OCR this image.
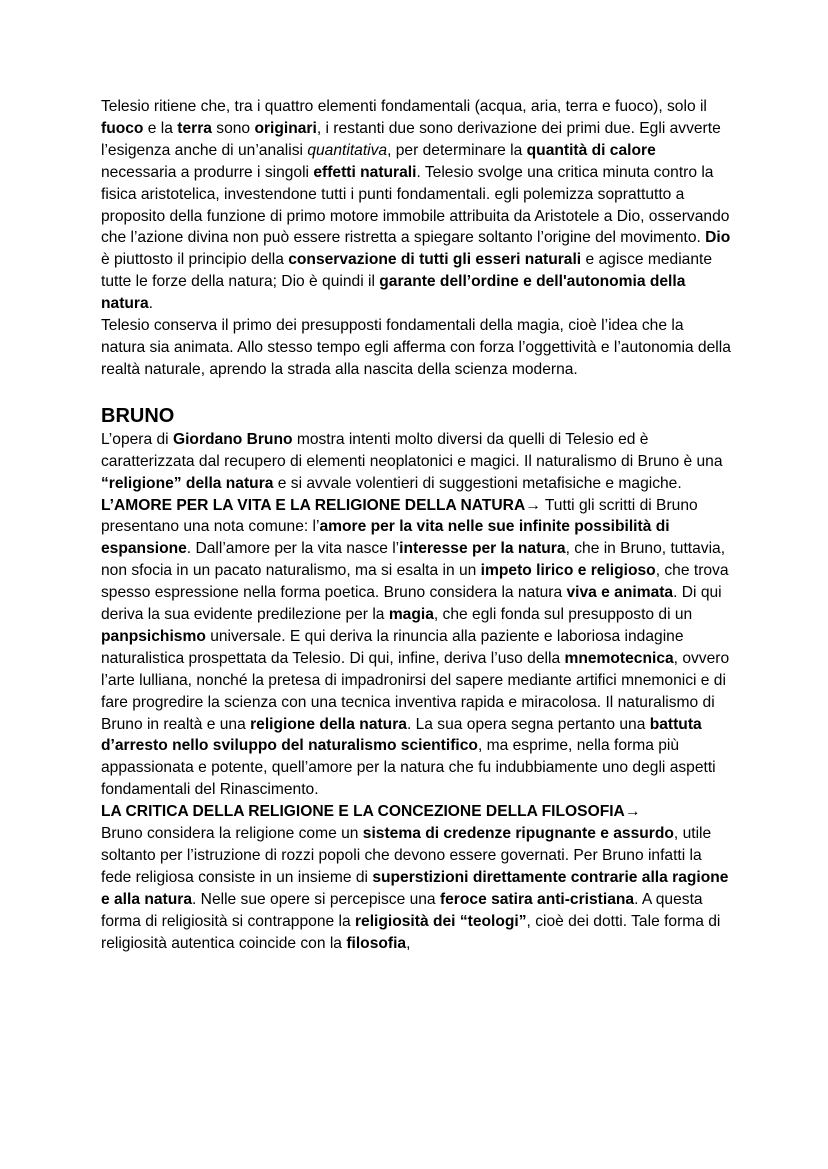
Telesio ritiene che, tra i quattro elementi fondamentali (acqua, aria, terra e fuoco), solo il fuoco e la terra sono originari, i restanti due sono derivazione dei primi due. Egli avverte l’esigenza anche di un’analisi quantitativa, per determinare la quantità di calore necessaria a produrre i singoli effetti naturali. Telesio svolge una critica minuta contro la fisica aristotelica, investendone tutti i punti fondamentali. egli polemizza soprattutto a proposito della funzione di primo motore immobile attribuita da Aristotele a Dio, osservando che l’azione divina non può essere ristretta a spiegare soltanto l’origine del movimento. Dio è piuttosto il principio della conservazione di tutti gli esseri naturali e agisce mediante tutte le forze della natura; Dio è quindi il garante dell’ordine e dell'autonomia della natura.
Telesio conserva il primo dei presupposti fondamentali della magia, cioè l’idea che la natura sia animata. Allo stesso tempo egli afferma con forza l’oggettività e l’autonomia della realtà naturale, aprendo la strada alla nascita della scienza moderna.

BRUNO

L’opera di Giordano Bruno mostra intenti molto diversi da quelli di Telesio ed è caratterizzata dal recupero di elementi neoplatonici e magici. Il naturalismo di Bruno è una “religione” della natura e si avvale volentieri di suggestioni metafisiche e magiche.
L’AMORE PER LA VITA E LA RELIGIONE DELLA NATURA→ Tutti gli scritti di Bruno presentano una nota comune: l’amore per la vita nelle sue infinite possibilità di espansione. Dall’amore per la vita nasce l’interesse per la natura, che in Bruno, tuttavia, non sfocia in un pacato naturalismo, ma si esalta in un impeto lirico e religioso, che trova spesso espressione nella forma poetica. Bruno considera la natura viva e animata. Di qui deriva la sua evidente predilezione per la magia, che egli fonda sul presupposto di un panpsichismo universale. E qui deriva la rinuncia alla paziente e laboriosa indagine naturalistica prospettata da Telesio. Di qui, infine, deriva l’uso della mnemotecnica, ovvero l’arte lulliana, nonché la pretesa di impadronirsi del sapere mediante artifici mnemonici e di fare progredire la scienza con una tecnica inventiva rapida e miracolosa. Il naturalismo di Bruno in realtà e una religione della natura. La sua opera segna pertanto una battuta d’arresto nello sviluppo del naturalismo scientifico, ma esprime, nella forma più appassionata e potente, quell’amore per la natura che fu indubbiamente uno degli aspetti fondamentali del Rinascimento.
LA CRITICA DELLA RELIGIONE E LA CONCEZIONE DELLA FILOSOFIA→
Bruno considera la religione come un sistema di credenze ripugnante e assurdo, utile soltanto per l’istruzione di rozzi popoli che devono essere governati. Per Bruno infatti la fede religiosa consiste in un insieme di superstizioni direttamente contrarie alla ragione e alla natura. Nelle sue opere si percepisce una feroce satira anti-cristiana. A questa forma di religiosità si contrappone la religiosità dei “teologi”, cioè dei dotti. Tale forma di religiosità autentica coincide con la filosofia,
